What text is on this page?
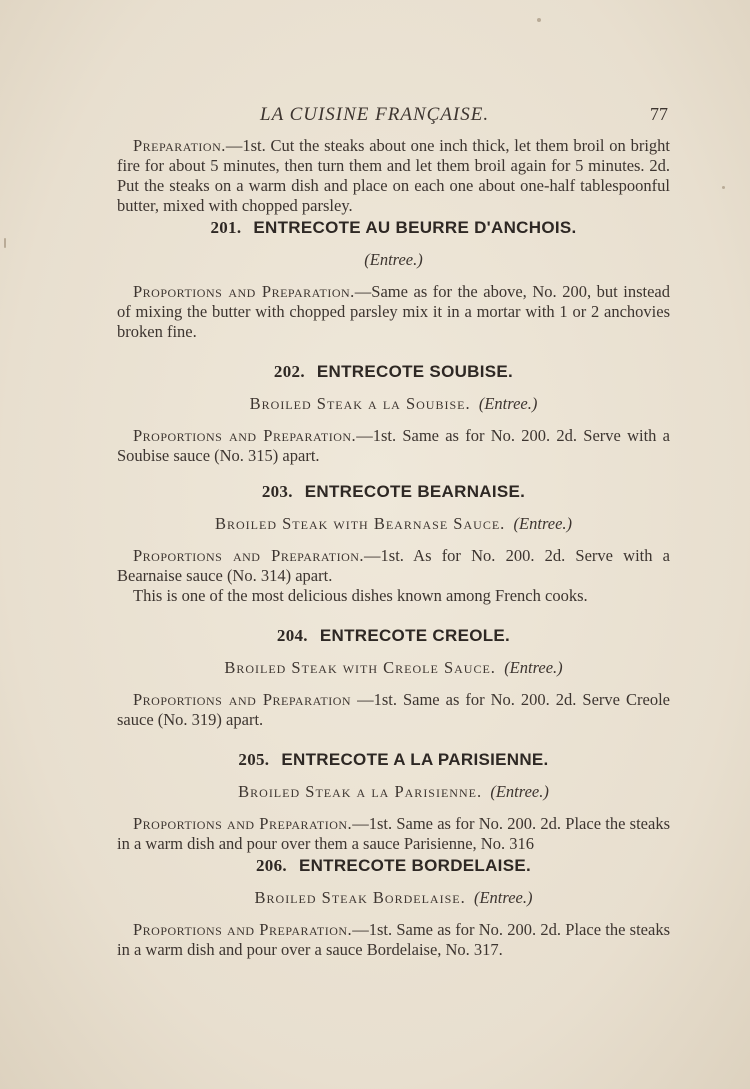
LA CUISINE FRANÇAISE.	77

Preparation.—1st. Cut the steaks about one inch thick, let them broil on bright fire for about 5 minutes, then turn them and let them broil again for 5 minutes. 2d. Put the steaks on a warm dish and place on each one about one-half tablespoonful butter, mixed with chopped parsley.

201. ENTRECOTE AU BEURRE D'ANCHOIS.
(Entree.)

Proportions and Preparation.—Same as for the above, No. 200, but instead of mixing the butter with chopped parsley mix it in a mortar with 1 or 2 anchovies broken fine.

202. ENTRECOTE SOUBISE.
Broiled Steak a la Soubise. (Entree.)

Proportions and Preparation.—1st. Same as for No. 200. 2d. Serve with a Soubise sauce (No. 315) apart.

203. ENTRECOTE BEARNAISE.
Broiled Steak with Bearnase Sauce. (Entree.)

Proportions and Preparation.—1st. As for No. 200. 2d. Serve with a Bearnaise sauce (No. 314) apart.

This is one of the most delicious dishes known among French cooks.

204. ENTRECOTE CREOLE.
Broiled Steak with Creole Sauce. (Entree.)

Proportions and Preparation —1st. Same as for No. 200. 2d. Serve Creole sauce (No. 319) apart.

205. ENTRECOTE A LA PARISIENNE.
Broiled Steak a la Parisienne. (Entree.)

Proportions and Preparation.—1st. Same as for No. 200. 2d. Place the steaks in a warm dish and pour over them a sauce Parisienne, No. 316

206. ENTRECOTE BORDELAISE.
Broiled Steak Bordelaise. (Entree.)

Proportions and Preparation.—1st. Same as for No. 200. 2d. Place the steaks in a warm dish and pour over a sauce Bordelaise, No. 317.
